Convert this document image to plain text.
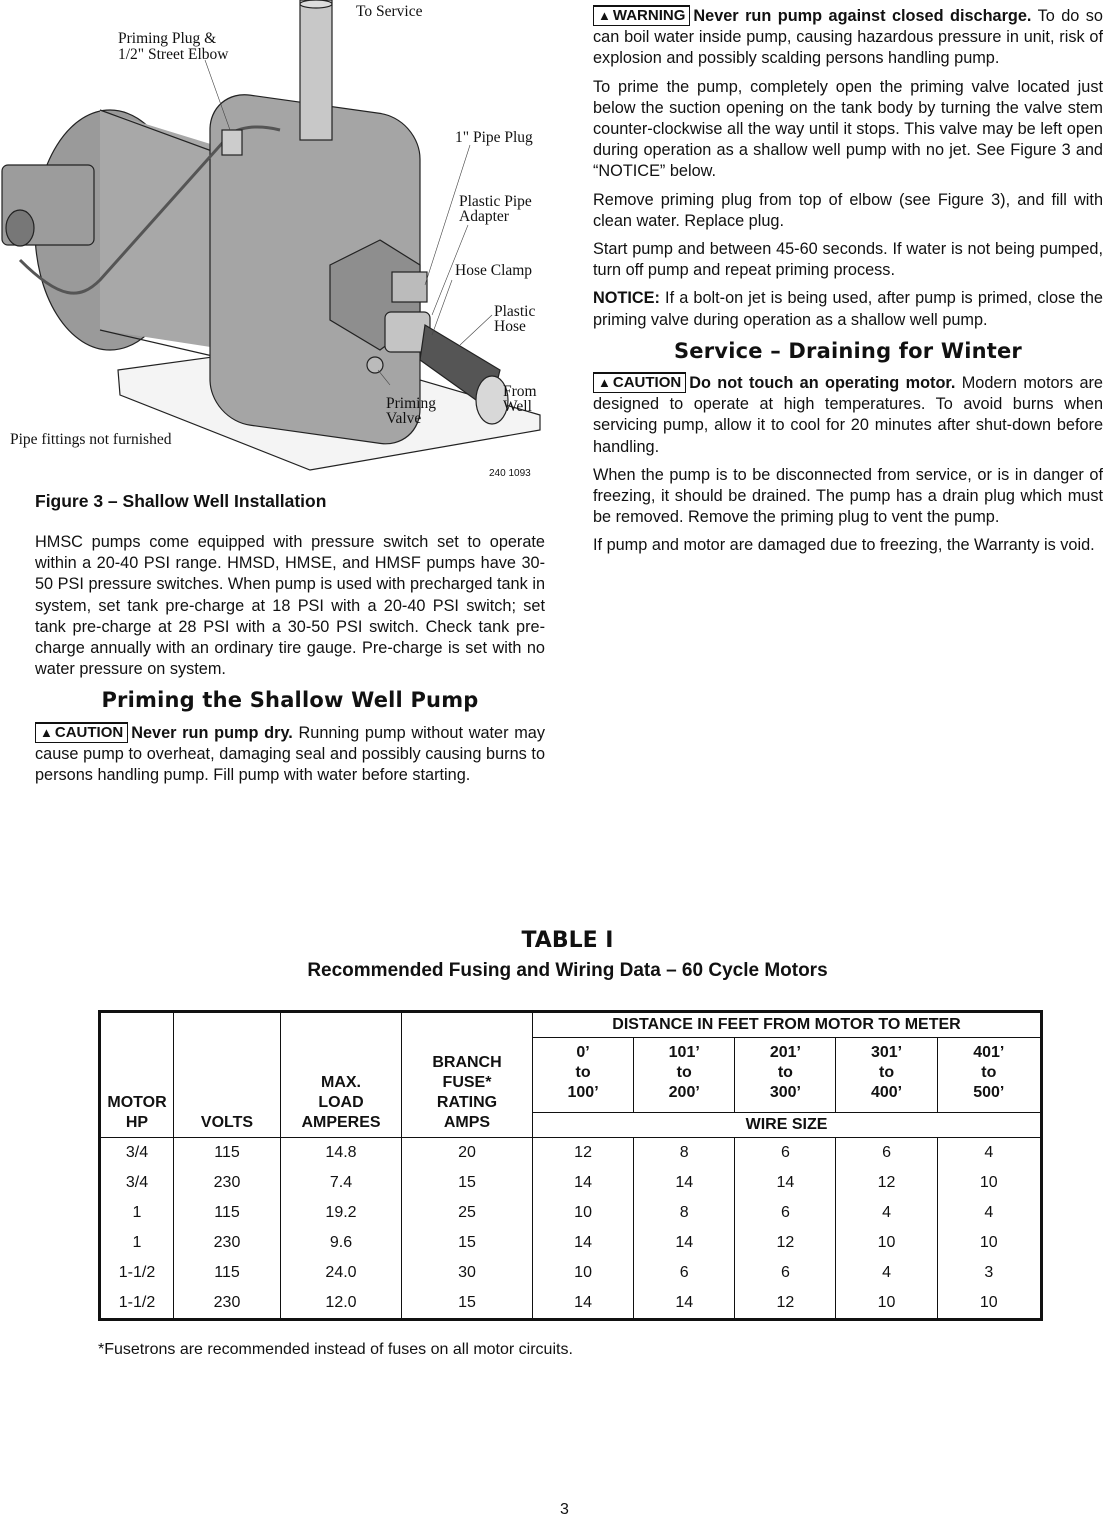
To Service
Priming Plug &
1/2" Street Elbow
1" Pipe Plug
Plastic Pipe
Adapter
Hose Clamp
Plastic
Hose
From
Well
Priming
Valve
Pipe fittings not furnished
240 1093
Figure 3 – Shallow Well Installation

HMSC pumps come equipped with pressure switch set to operate within a 20-40 PSI range. HMSD, HMSE, and HMSF pumps have 30-50 PSI pressure switches. When pump is used with precharged tank in system, set tank pre-charge at 18 PSI with a 20-40 PSI switch; set tank pre-charge at 28 PSI with a 30-50 PSI switch. Check tank pre-charge annually with an ordinary tire gauge. Pre-charge is set with no water pressure on system.

Priming the Shallow Well Pump

▲ CAUTION Never run pump dry. Running pump without water may cause pump to overheat, damaging seal and possibly causing burns to persons handling pump. Fill pump with water before starting.

▲ WARNING Never run pump against closed discharge. To do so can boil water inside pump, causing hazardous pressure in unit, risk of explosion and possibly scalding persons handling pump.

To prime the pump, completely open the priming valve located just below the suction opening on the tank body by turning the valve stem counter-clockwise all the way until it stops. This valve may be left open during operation as a shallow well pump with no jet. See Figure 3 and “NOTICE” below.

Remove priming plug from top of elbow (see Figure 3), and fill with clean water. Replace plug.

Start pump and between 45-60 seconds. If water is not being pumped, turn off pump and repeat priming process.

NOTICE: If a bolt-on jet is being used, after pump is primed, close the priming valve during operation as a shallow well pump.

Service – Draining for Winter

▲ CAUTION Do not touch an operating motor. Modern motors are designed to operate at high temperatures. To avoid burns when servicing pump, allow it to cool for 20 minutes after shut-down before handling.

When the pump is to be disconnected from service, or is in danger of freezing, it should be drained. The pump has a drain plug which must be removed. Remove the priming plug to vent the pump.

If pump and motor are damaged due to freezing, the Warranty is void.

TABLE I
Recommended Fusing and Wiring Data – 60 Cycle Motors
MOTOR
HP	VOLTS	MAX.
LOAD
AMPERES	BRANCH
FUSE*
RATING
AMPS	DISTANCE IN FEET FROM MOTOR TO METER				
				0’
to
100’	101’
to
200’	201’
to
300’	301’
to
400’	401’
to
500’
				WIRE SIZE				
3/4	115	14.8	20	12	8	6	6	4
3/4	230	7.4	15	14	14	14	12	10
1	115	19.2	25	10	8	6	4	4
1	230	9.6	15	14	14	12	10	10
1-1/2	115	24.0	30	10	6	6	4	3
1-1/2	230	12.0	15	14	14	12	10	10
*Fusetrons are recommended instead of fuses on all motor circuits.
3
